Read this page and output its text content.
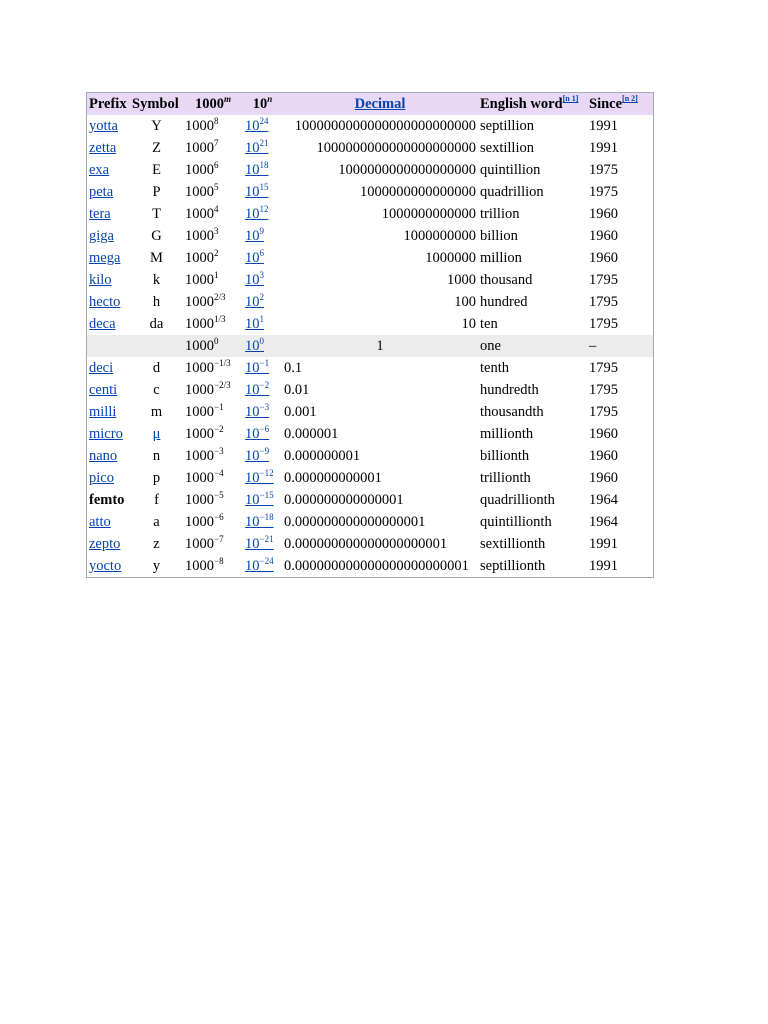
Prefix	Symbol	1000$^m$	10$^n$	Decimal	English word[n 1]	Since[n 2]
yotta	Y	1000$^8$	$10^{24}$	1000000000000000000000000	septillion	1991
zetta	Z	1000$^7$	$10^{21}$	1000000000000000000000	sextillion	1991
exa	E	1000$^6$	$10^{18}$	1000000000000000000	quintillion	1975
peta	P	1000$^5$	$10^{15}$	1000000000000000	quadrillion	1975
tera	T	1000$^4$	$10^{12}$	1000000000000	trillion	1960
giga	G	1000$^3$	$10^9$	1000000000	billion	1960
mega	M	1000$^2$	$10^6$	1000000	million	1960
kilo	k	1000$^1$	$10^3$	1000	thousand	1795
hecto	h	$1000^{2/3}$	$10^2$	100	hundred	1795
deca	da	$1000^{1/3}$	$10^1$	10	ten	1795
		1000$^0$	$10^0$	1	one	–
deci	d	$1000^{-1/3}$	$10^{-1}$	0.1	tenth	1795
centi	c	$1000^{-2/3}$	$10^{-2}$	0.01	hundredth	1795
milli	m	$1000^{-1}$	$10^{-3}$	0.001	thousandth	1795
micro	μ	$1000^{-2}$	$10^{-6}$	0.000001	millionth	1960
nano	n	$1000^{-3}$	$10^{-9}$	0.000000001	billionth	1960
pico	p	$1000^{-4}$	$10^{-12}$	0.000000000001	trillionth	1960
femto	f	$1000^{-5}$	$10^{-15}$	0.000000000000001	quadrillionth	1964
atto	a	$1000^{-6}$	$10^{-18}$	0.000000000000000001	quintillionth	1964
zepto	z	$1000^{-7}$	$10^{-21}$	0.000000000000000000001	sextillionth	1991
yocto	y	$1000^{-8}$	$10^{-24}$	0.000000000000000000000001	septillionth	1991
